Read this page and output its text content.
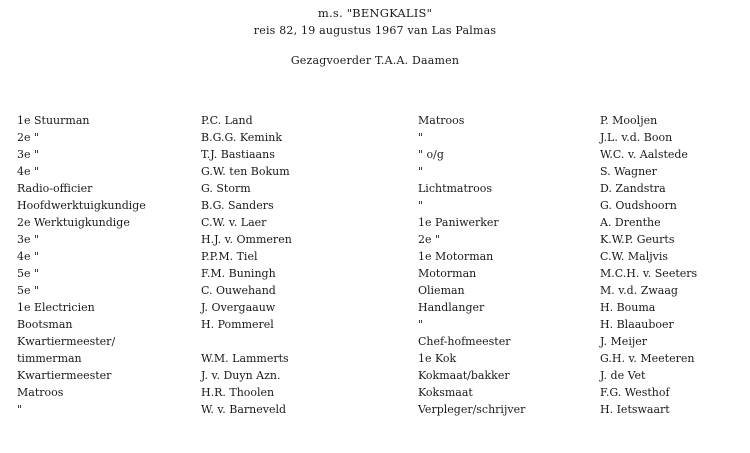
m.s. "BENGKALIS"
reis 82, 19 augustus 1967 van Las Palmas
Gezagvoerder T.A.A. Daamen
1e Stuurman
2e "
3e "
4e "
Radio-officier
Hoofdwerktuigkundige
2e Werktuigkundige
3e "
4e "
5e "
5e "
1e Electricien
Bootsman
Kwartiermeester/
timmerman
Kwartiermeester
Matroos
"
P.C. Land
B.G.G. Kemink
T.J. Bastiaans
G.W. ten Bokum
G. Storm
B.G. Sanders
C.W. v. Laer
H.J. v. Ommeren
P.P.M. Tiel
F.M. Buningh
C. Ouwehand
J. Overgaauw
H. Pommerel
W.M. Lammerts
J. v. Duyn Azn.
H.R. Thoolen
W. v. Barneveld
Matroos
"
" o/g
"
Lichtmatroos
"
1e Paniwerker
2e "
1e Motorman
Motorman
Olieman
Handlanger
"
Chef-hofmeester
1e Kok
Kokmaat/bakker
Koksmaat
Verpleger/schrijver
P. Mooljen
J.L. v.d. Boon
W.C. v. Aalstede
S. Wagner
D. Zandstra
G. Oudshoorn
A. Drenthe
K.W.P. Geurts
C.W. Maljvis
M.C.H. v. Seeters
M. v.d. Zwaag
H. Bouma
H. Blaauboer
J. Meijer
G.H. v. Meeteren
J. de Vet
F.G. Westhof
H. Ietswaart
